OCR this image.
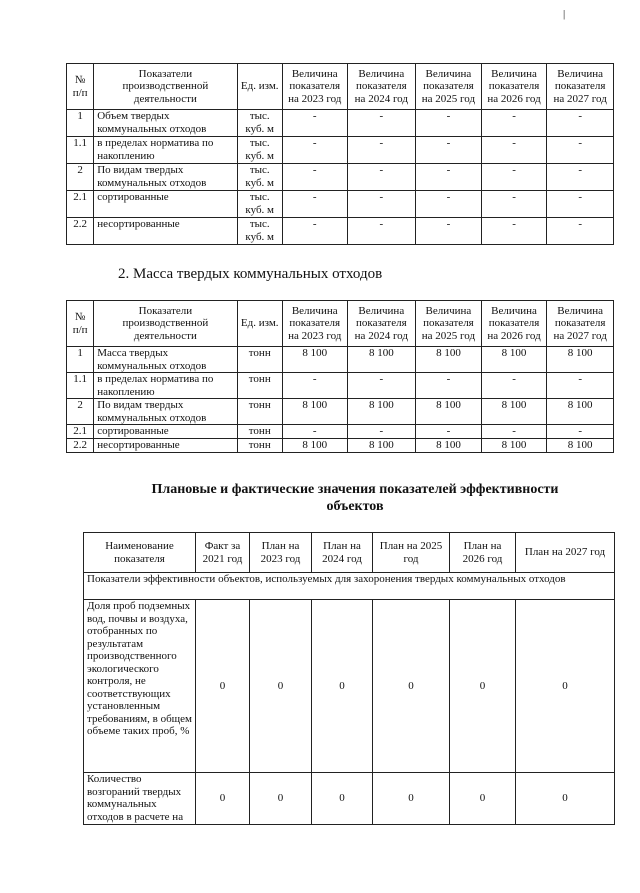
|
№ п/п	Показатели производственной деятельности	Ед. изм.	Величина показателя на 2023 год	Величина показателя на 2024 год	Величина показателя на 2025 год	Величина показателя на 2026 год	Величина показателя на 2027 год
1	Объем твердых коммунальных отходов	тыс. куб. м	-	-	-	-	-
1.1	в пределах норматива по накоплению	тыс. куб. м	-	-	-	-	-
2	По видам твердых коммунальных отходов	тыс. куб. м	-	-	-	-	-
2.1	сортированные	тыс. куб. м	-	-	-	-	-
2.2	несортированные	тыс. куб. м	-	-	-	-	-
2. Масса твердых коммунальных отходов
№ п/п	Показатели производственной деятельности	Ед. изм.	Величина показателя на 2023 год	Величина показателя на 2024 год	Величина показателя на 2025 год	Величина показателя на 2026 год	Величина показателя на 2027 год
1	Масса твердых коммунальных отходов	тонн	8 100	8 100	8 100	8 100	8 100
1.1	в пределах норматива по накоплению	тонн	-	-	-	-	-
2	По видам твердых коммунальных отходов	тонн	8 100	8 100	8 100	8 100	8 100
2.1	сортированные	тонн	-	-	-	-	-
2.2	несортированные	тонн	8 100	8 100	8 100	8 100	8 100
Плановые и фактические значения показателей эффективности объектов
Наименование показателя	Факт за 2021 год	План на 2023 год	План на 2024 год	План на 2025 год	План на 2026 год	План на 2027 год
Показатели эффективности объектов, используемых для захоронения твердых коммунальных отходов						
Доля проб подземных вод, почвы и воздуха, отобранных по результатам производственного экологического контроля, не соответствующих установленным требованиям, в общем объеме таких проб, %	0	0	0	0	0	0
Количество возгораний твердых коммунальных отходов в расчете на	0	0	0	0	0	0
